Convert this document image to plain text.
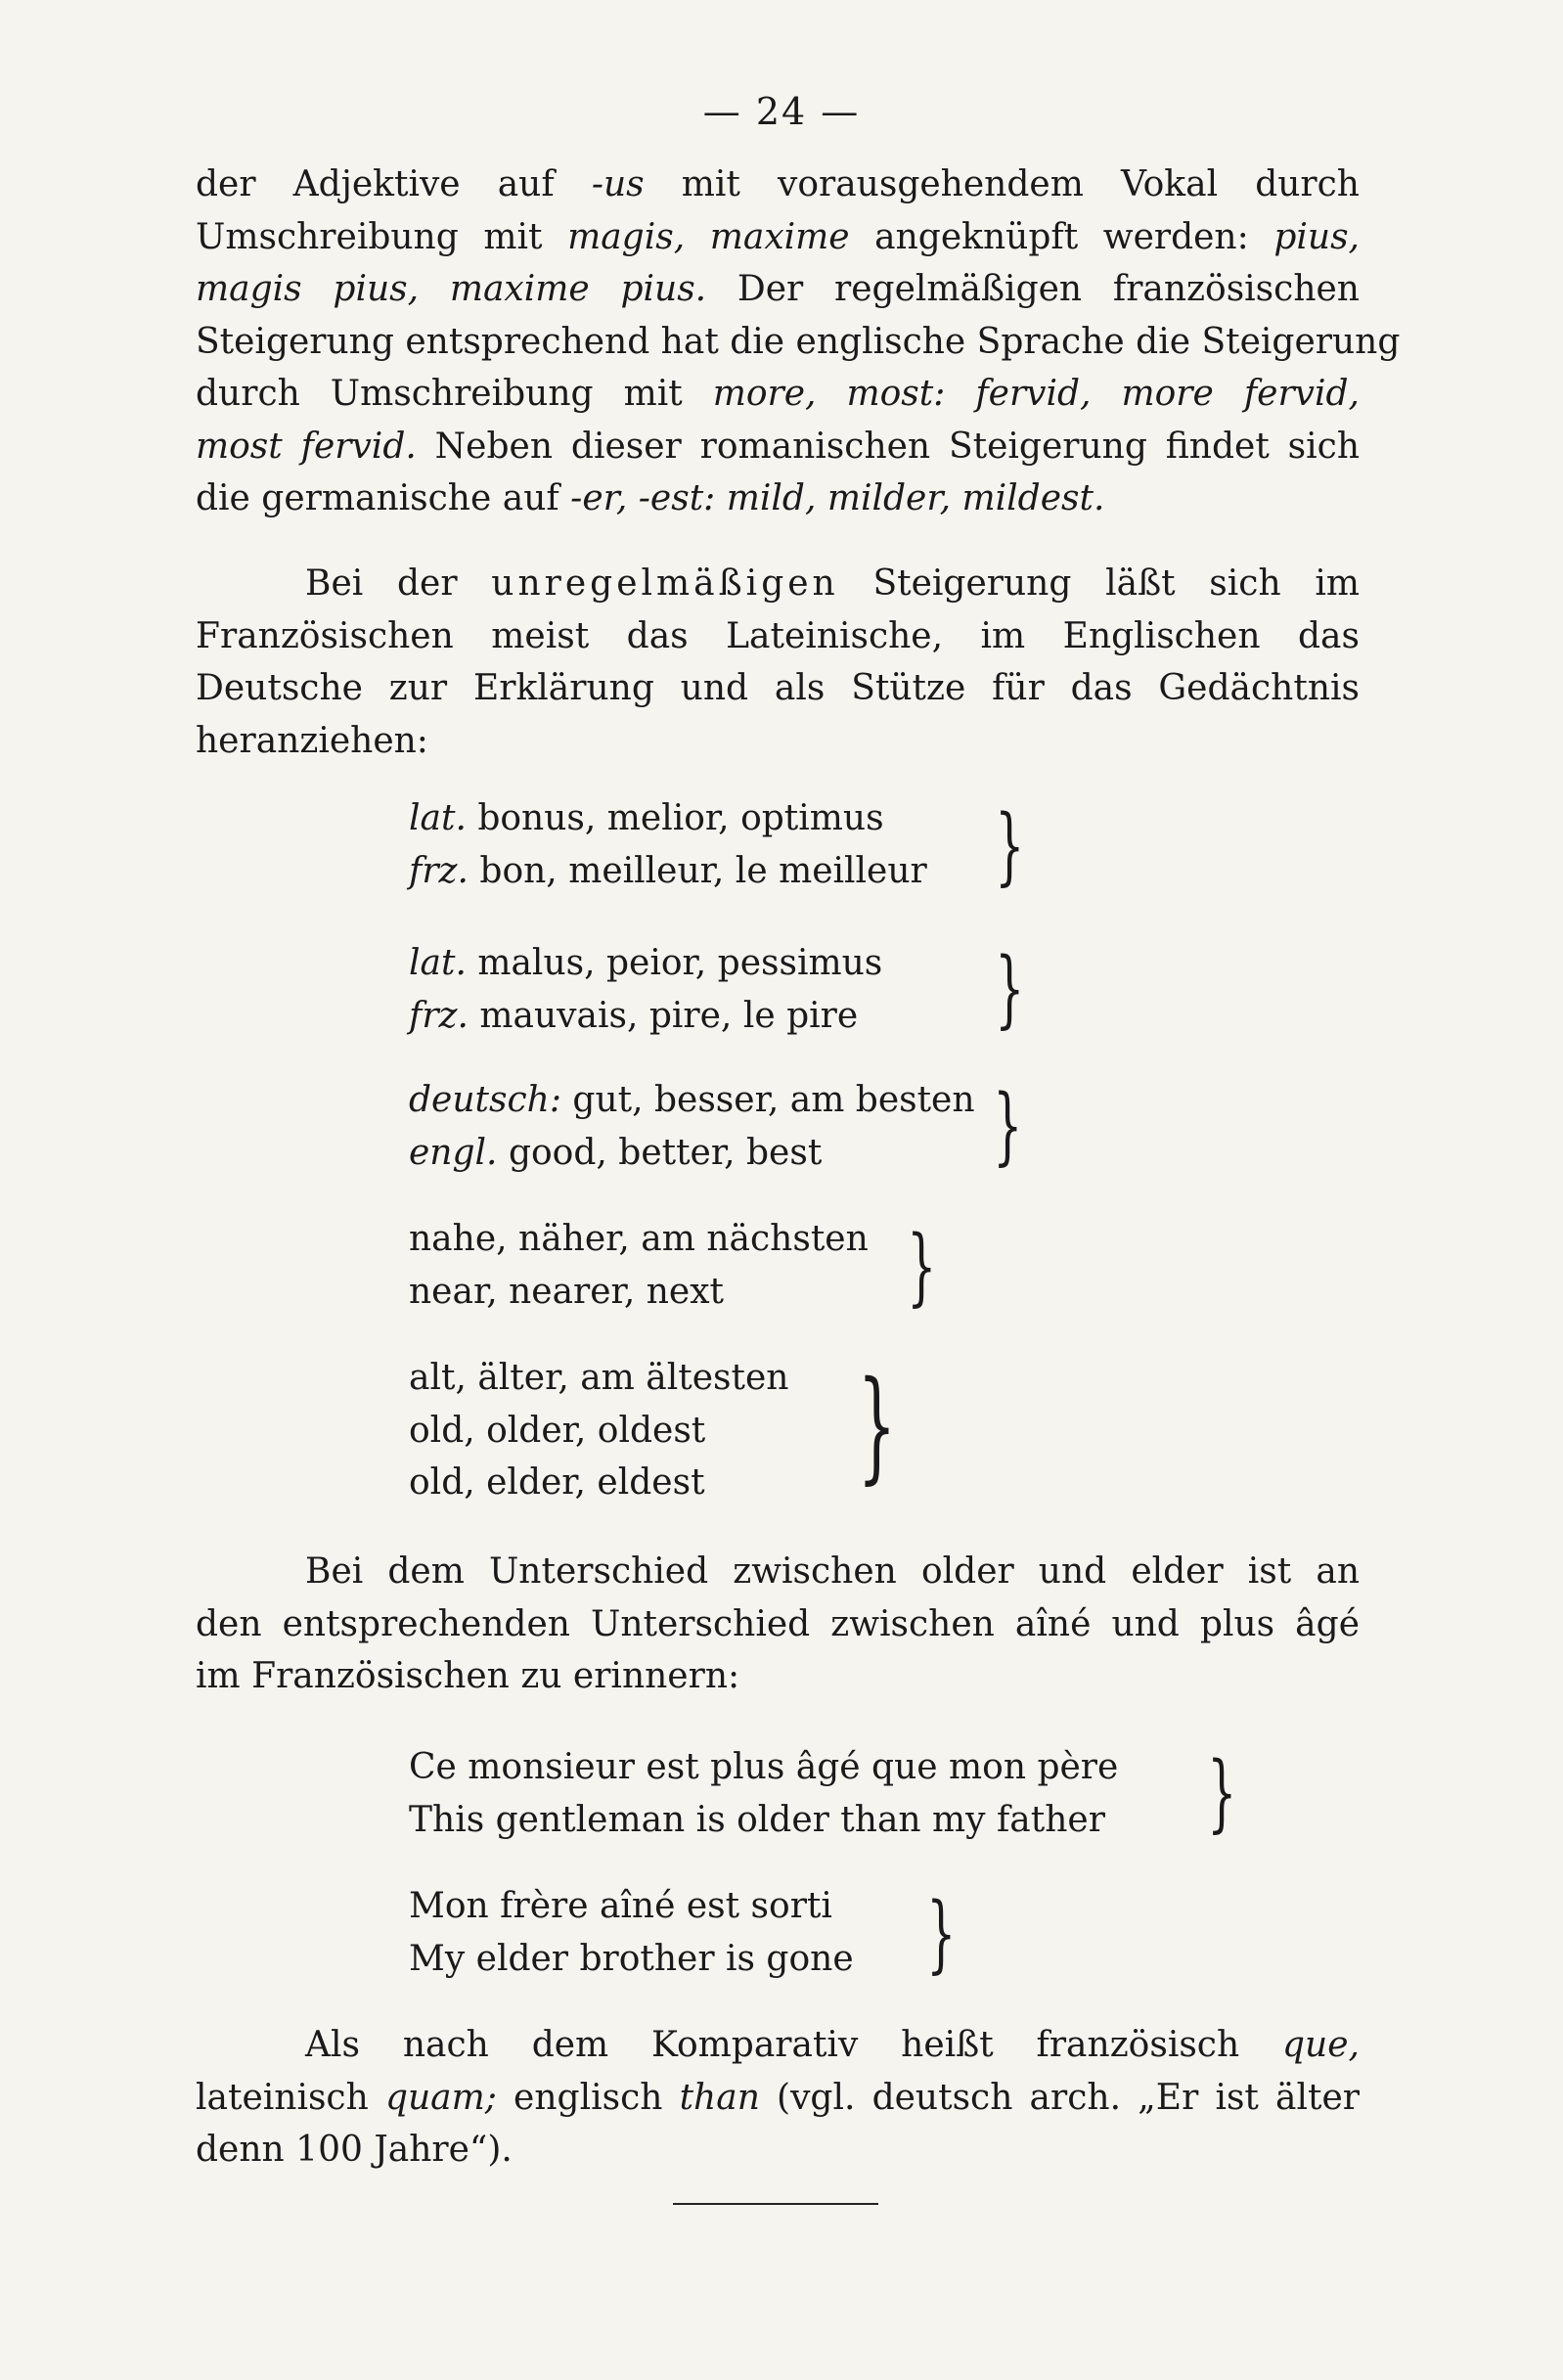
— 24 —
der Adjektive auf -us mit vorausgehendem Vokal durch
Umschreibung mit magis, maxime angeknüpft werden: pius,
magis pius, maxime pius. Der regelmäßigen französischen
Steigerung entsprechend hat die englische Sprache die Steigerung
durch Umschreibung mit more, most: fervid, more fervid,
most fervid. Neben dieser romanischen Steigerung findet sich
die germanische auf -er, -est: mild, milder, mildest.
Bei der unregelmäßigen Steigerung läßt sich im
Französischen meist das Lateinische, im Englischen das
Deutsche zur Erklärung und als Stütze für das Gedächtnis
heranziehen:
lat. bonus, melior, optimus
frz. bon, meilleur, le meilleur }
lat. malus, peior, pessimus
frz. mauvais, pire, le pire }
deutsch: gut, besser, am besten
engl. good, better, best	}
nahe, näher, am nächsten
near, nearer, next	}
alt, älter, am ältesten
old, older, oldest
old, elder, eldest	}
Bei dem Unterschied zwischen older und elder ist an
den entsprechenden Unterschied zwischen aîné und plus âgé
im Französischen zu erinnern:
Ce monsieur est plus âgé que mon père
This gentleman is older than my father }
Mon frère aîné est sorti
My elder brother is gone }
Als nach dem Komparativ heißt französisch que,
lateinisch quam; englisch than (vgl. deutsch arch. „Er ist älter
denn 100 Jahre“).
